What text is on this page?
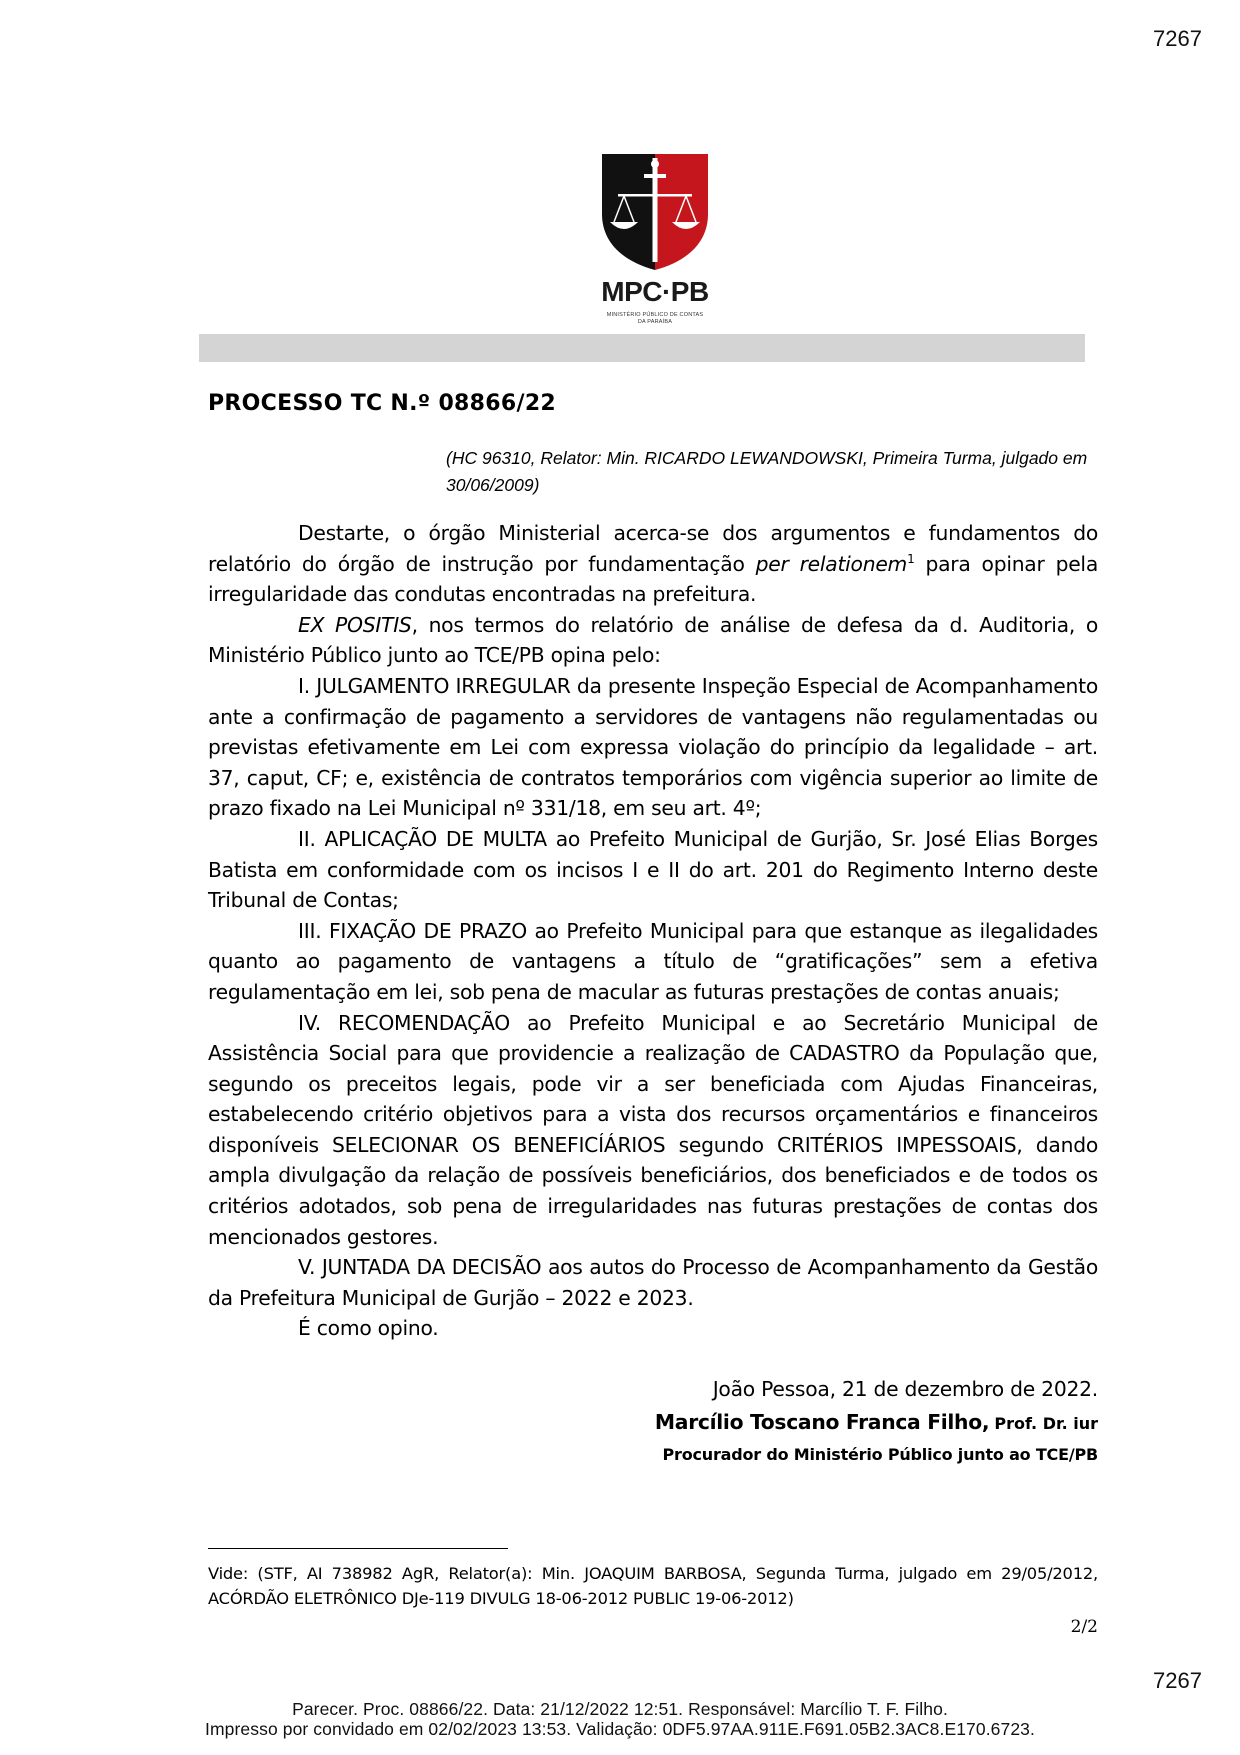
7267
MPC·PB
MINISTÉRIO PÚBLICO DE CONTAS
DA PARAÍBA
PROCESSO TC N.º 08866/22
(HC 96310, Relator: Min. RICARDO LEWANDOWSKI, Primeira Turma, julgado em 30/06/2009)

Destarte, o órgão Ministerial acerca-se dos argumentos e fundamentos do relatório do órgão de instrução por fundamentação per relationem$^1$ para opinar pela irregularidade das condutas encontradas na prefeitura.

EX POSITIS, nos termos do relatório de análise de defesa da d. Auditoria, o Ministério Público junto ao TCE/PB opina pelo:

I. JULGAMENTO IRREGULAR da presente Inspeção Especial de Acompanhamento ante a confirmação de pagamento a servidores de vantagens não regulamentadas ou previstas efetivamente em Lei com expressa violação do princípio da legalidade – art. 37, caput, CF; e, existência de contratos temporários com vigência superior ao limite de prazo fixado na Lei Municipal nº 331/18, em seu art. 4º;

II. APLICAÇÃO DE MULTA ao Prefeito Municipal de Gurjão, Sr. José Elias Borges Batista em conformidade com os incisos I e II do art. 201 do Regimento Interno deste Tribunal de Contas;

III. FIXAÇÃO DE PRAZO ao Prefeito Municipal para que estanque as ilegalidades quanto ao pagamento de vantagens a título de “gratificações” sem a efetiva regulamentação em lei, sob pena de macular as futuras prestações de contas anuais;

IV. RECOMENDAÇÃO ao Prefeito Municipal e ao Secretário Municipal de Assistência Social para que providencie a realização de CADASTRO da População que, segundo os preceitos legais, pode vir a ser beneficiada com Ajudas Financeiras, estabelecendo critério objetivos para a vista dos recursos orçamentários e financeiros disponíveis SELECIONAR OS BENEFICÍÁRIOS segundo CRITÉRIOS IMPESSOAIS, dando ampla divulgação da relação de possíveis beneficiários, dos beneficiados e de todos os critérios adotados, sob pena de irregularidades nas futuras prestações de contas dos mencionados gestores.

V. JUNTADA DA DECISÃO aos autos do Processo de Acompanhamento da Gestão da Prefeitura Municipal de Gurjão – 2022 e 2023.

É como opino.

João Pessoa, 21 de dezembro de 2022.
Marcílio Toscano Franca Filho, Prof. Dr. iur
Procurador do Ministério Público junto ao TCE/PB
Vide: (STF, AI 738982 AgR, Relator(a): Min. JOAQUIM BARBOSA, Segunda Turma, julgado em 29/05/2012, ACÓRDÃO ELETRÔNICO DJe-119 DIVULG 18-06-2012 PUBLIC 19-06-2012)
2/2
7267
Parecer. Proc. 08866/22. Data: 21/12/2022 12:51. Responsável: Marcílio T. F. Filho.
Impresso por convidado em 02/02/2023 13:53. Validação: 0DF5.97AA.911E.F691.05B2.3AC8.E170.6723.
